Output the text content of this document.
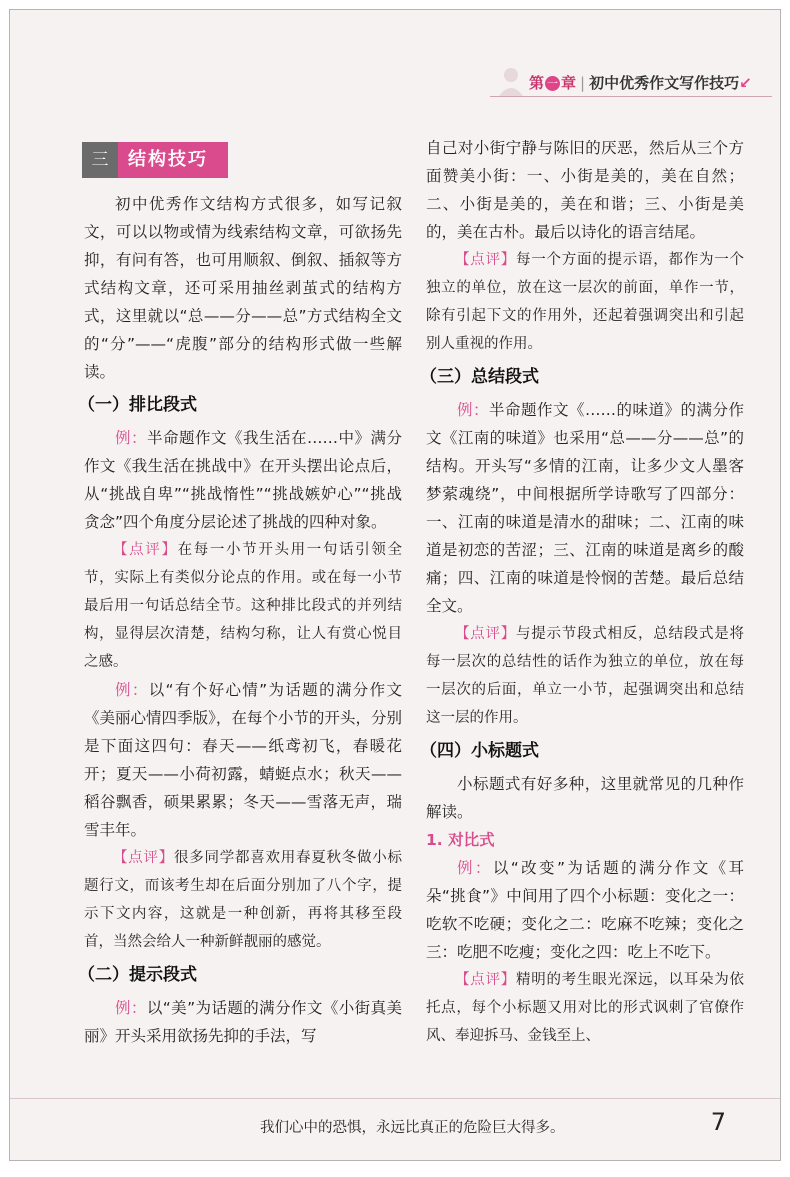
第 一 章 | 初中优秀作文写作技巧↙
三	结构技巧

初中优秀作文结构方式很多，如写记叙文，可以以物或情为线索结构文章，可欲扬先抑，有问有答，也可用顺叙、倒叙、插叙等方式结构文章，还可采用抽丝剥茧式的结构方式，这里就以“总——分——总”方式结构全文的“分”——“虎腹”部分的结构形式做一些解读。

（一）排比段式

例：半命题作文《我生活在……中》满分作文《我生活在挑战中》在开头摆出论点后，从“挑战自卑”“挑战惰性”“挑战嫉妒心”“挑战贪念”四个角度分层论述了挑战的四种对象。

【点评】在每一小节开头用一句话引领全节，实际上有类似分论点的作用。或在每一小节最后用一句话总结全节。这种排比段式的并列结构，显得层次清楚，结构匀称，让人有赏心悦目之感。

例：以“有个好心情”为话题的满分作文《美丽心情四季版》，在每个小节的开头，分别是下面这四句：春天——纸鸢初飞，春暖花开；夏天——小荷初露，蜻蜓点水；秋天——稻谷飘香，硕果累累；冬天——雪落无声，瑞雪丰年。

【点评】很多同学都喜欢用春夏秋冬做小标题行文，而该考生却在后面分别加了八个字，提示下文内容，这就是一种创新，再将其移至段首，当然会给人一种新鲜靓丽的感觉。

（二）提示段式

例：以“美”为话题的满分作文《小街真美丽》开头采用欲扬先抑的手法，写

自己对小街宁静与陈旧的厌恶，然后从三个方面赞美小街：一、小街是美的，美在自然；二、小街是美的，美在和谐；三、小街是美的，美在古朴。最后以诗化的语言结尾。

【点评】每一个方面的提示语，都作为一个独立的单位，放在这一层次的前面，单作一节，除有引起下文的作用外，还起着强调突出和引起别人重视的作用。

（三）总结段式

例：半命题作文《……的味道》的满分作文《江南的味道》也采用“总——分——总”的结构。开头写“多情的江南，让多少文人墨客梦萦魂绕”，中间根据所学诗歌写了四部分：一、江南的味道是清水的甜味；二、江南的味道是初恋的苦涩；三、江南的味道是离乡的酸痛；四、江南的味道是怜悯的苦楚。最后总结全文。

【点评】与提示节段式相反，总结段式是将每一层次的总结性的话作为独立的单位，放在每一层次的后面，单立一小节，起强调突出和总结这一层的作用。

（四）小标题式

小标题式有好多种，这里就常见的几种作解读。

1. 对比式

例：以“改变”为话题的满分作文《耳朵“挑食”》中间用了四个小标题：变化之一：吃软不吃硬；变化之二：吃麻不吃辣；变化之三：吃肥不吃瘦；变化之四：吃上不吃下。

【点评】精明的考生眼光深远，以耳朵为依托点，每个小标题又用对比的形式讽刺了官僚作风、奉迎拆马、金钱至上、

我们心中的恐惧，永远比真正的危险巨大得多。	7
